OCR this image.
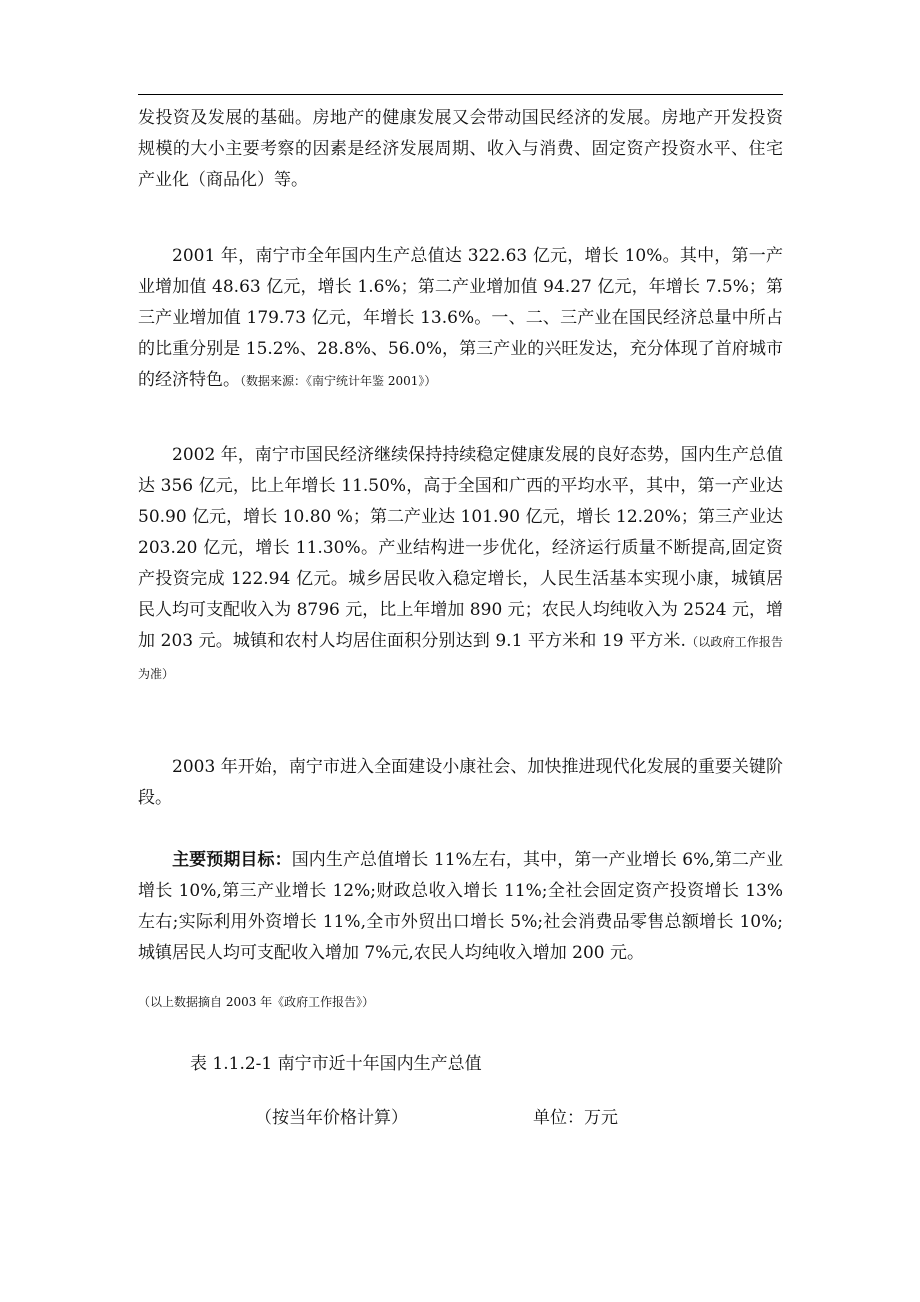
发投资及发展的基础。房地产的健康发展又会带动国民经济的发展。房地产开发投资规模的大小主要考察的因素是经济发展周期、收入与消费、固定资产投资水平、住宅产业化（商品化）等。

2001 年，南宁市全年国内生产总值达 322.63 亿元，增长 10%。其中，第一产业增加值 48.63 亿元，增长 1.6%；第二产业增加值 94.27 亿元，年增长 7.5%；第三产业增加值 179.73 亿元，年增长 13.6%。一、二、三产业在国民经济总量中所占的比重分别是 15.2%、28.8%、56.0%，第三产业的兴旺发达，充分体现了首府城市的经济特色。（数据来源：《南宁统计年鉴 2001》）

2002 年，南宁市国民经济继续保持持续稳定健康发展的良好态势，国内生产总值达 356 亿元，比上年增长 11.50%，高于全国和广西的平均水平，其中，第一产业达 50.90 亿元，增长 10.80 %；第二产业达 101.90 亿元，增长 12.20%；第三产业达 203.20 亿元，增长 11.30%。产业结构进一步优化，经济运行质量不断提高,固定资产投资完成 122.94 亿元。城乡居民收入稳定增长，人民生活基本实现小康，城镇居民人均可支配收入为 8796 元，比上年增加 890 元；农民人均纯收入为 2524 元，增加 203 元。城镇和农村人均居住面积分别达到 9.1 平方米和 19 平方米.（以政府工作报告为准）

2003 年开始，南宁市进入全面建设小康社会、加快推进现代化发展的重要关键阶段。

主要预期目标：国内生产总值增长 11%左右，其中，第一产业增长 6%,第二产业增长 10%,第三产业增长 12%;财政总收入增长 11%;全社会固定资产投资增长 13%左右;实际利用外资增长 11%,全市外贸出口增长 5%;社会消费品零售总额增长 10%;城镇居民人均可支配收入增加 7%元,农民人均纯收入增加 200 元。

（以上数据摘自 2003 年《政府工作报告》）
表 1.1.2-1 南宁市近十年国内生产总值
（按当年价格计算）	单位：万元
